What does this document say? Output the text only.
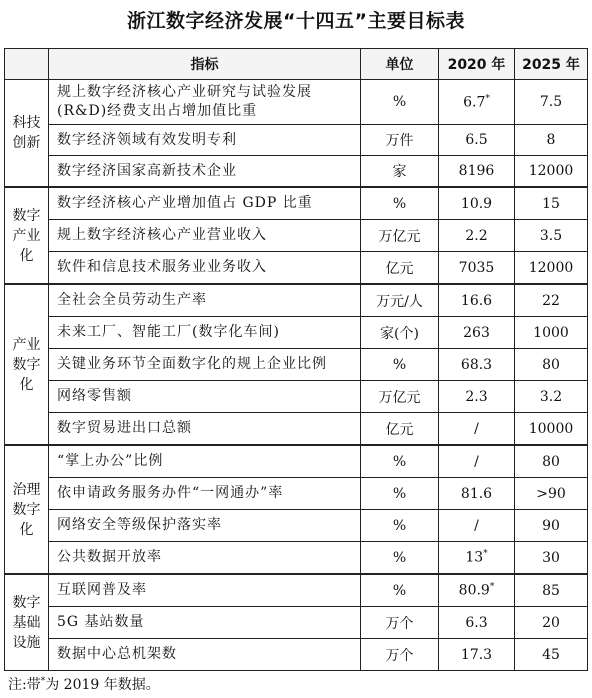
浙江数字经济发展“十四五”主要目标表
	指标	单位	2020 年	2025 年
科技创新	规上数字经济核心产业研究与试验发展(R&D)经费支出占增加值比重	%	6.7*	7.5
	数字经济领域有效发明专利	万件	6.5	8
	数字经济国家高新技术企业	家	8196	12000
数字产业化	数字经济核心产业增加值占 GDP 比重	%	10.9	15
	规上数字经济核心产业营业收入	万亿元	2.2	3.5
	软件和信息技术服务业业务收入	亿元	7035	12000
产业数字化	全社会全员劳动生产率	万元/人	16.6	22
	未来工厂、智能工厂(数字化车间)	家(个)	263	1000
	关键业务环节全面数字化的规上企业比例	%	68.3	80
	网络零售额	万亿元	2.3	3.2
	数字贸易进出口总额	亿元	/	10000
治理数字化	“掌上办公”比例	%	/	80
	依申请政务服务办件“一网通办”率	%	81.6	>90
	网络安全等级保护落实率	%	/	90
	公共数据开放率	%	13*	30
数字基础设施	互联网普及率	%	80.9*	85
	5G 基站数量	万个	6.3	20
	数据中心总机架数	万个	17.3	45
注:带*为 2019 年数据。
